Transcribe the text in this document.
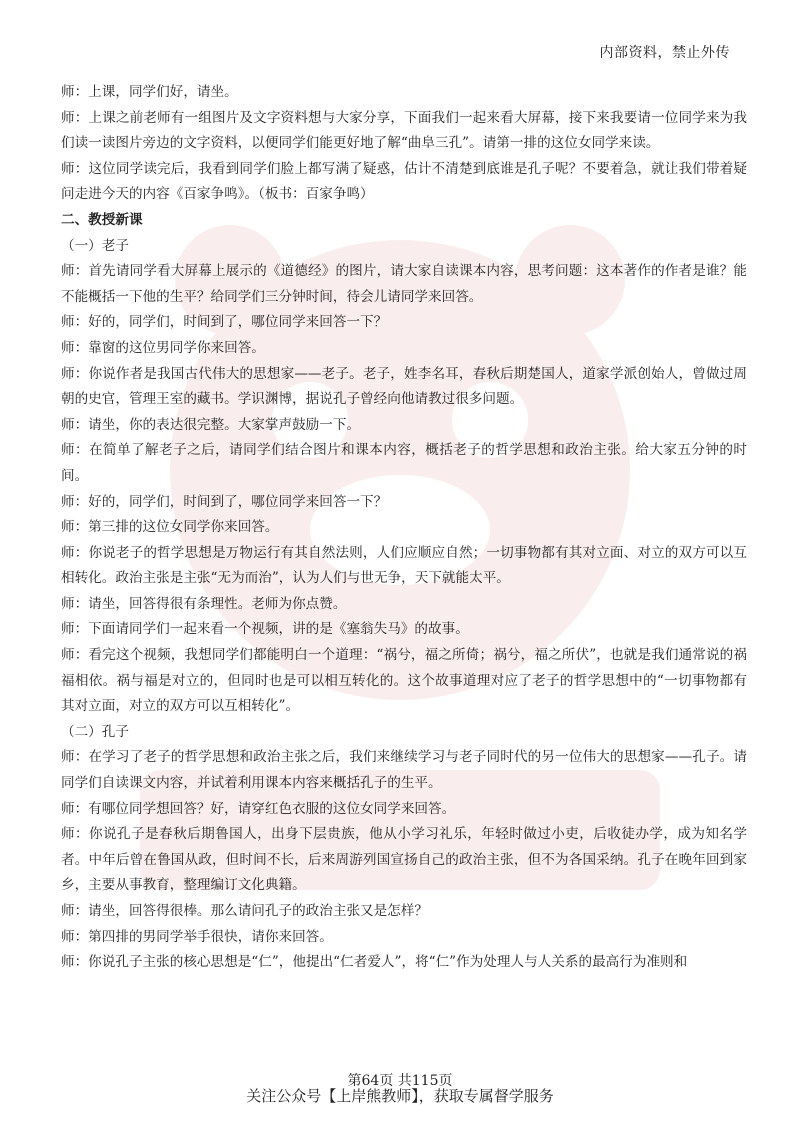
内部资料，禁止外传

师：上课，同学们好，请坐。

师：上课之前老师有一组图片及文字资料想与大家分享，下面我们一起来看大屏幕，接下来我要请一位同学来为我们读一读图片旁边的文字资料，以便同学们能更好地了解“曲阜三孔”。请第一排的这位女同学来读。

师：这位同学读完后，我看到同学们脸上都写满了疑惑，估计不清楚到底谁是孔子呢？不要着急，就让我们带着疑问走进今天的内容《百家争鸣》。（板书：百家争鸣）

二、教授新课

（一）老子

师：首先请同学看大屏幕上展示的《道德经》的图片，请大家自读课本内容，思考问题：这本著作的作者是谁？能不能概括一下他的生平？给同学们三分钟时间，待会儿请同学来回答。

师：好的，同学们，时间到了，哪位同学来回答一下？

师：靠窗的这位男同学你来回答。

师：你说作者是我国古代伟大的思想家——老子。老子，姓李名耳，春秋后期楚国人，道家学派创始人，曾做过周朝的史官，管理王室的藏书。学识渊博，据说孔子曾经向他请教过很多问题。

师：请坐，你的表达很完整。大家掌声鼓励一下。

师：在简单了解老子之后，请同学们结合图片和课本内容，概括老子的哲学思想和政治主张。给大家五分钟的时间。

师：好的，同学们，时间到了，哪位同学来回答一下？

师：第三排的这位女同学你来回答。

师：你说老子的哲学思想是万物运行有其自然法则，人们应顺应自然；一切事物都有其对立面、对立的双方可以互相转化。政治主张是主张“无为而治”，认为人们与世无争，天下就能太平。

师：请坐，回答得很有条理性。老师为你点赞。

师：下面请同学们一起来看一个视频，讲的是《塞翁失马》的故事。

师：看完这个视频，我想同学们都能明白一个道理：“祸兮，福之所倚；祸兮，福之所伏”，也就是我们通常说的祸福相依。祸与福是对立的，但同时也是可以相互转化的。这个故事道理对应了老子的哲学思想中的“一切事物都有其对立面，对立的双方可以互相转化”。

（二）孔子

师：在学习了老子的哲学思想和政治主张之后，我们来继续学习与老子同时代的另一位伟大的思想家——孔子。请同学们自读课文内容，并试着利用课本内容来概括孔子的生平。

师：有哪位同学想回答？好，请穿红色衣服的这位女同学来回答。

师：你说孔子是春秋后期鲁国人，出身下层贵族，他从小学习礼乐，年轻时做过小吏，后收徒办学，成为知名学者。中年后曾在鲁国从政，但时间不长，后来周游列国宣扬自己的政治主张，但不为各国采纳。孔子在晚年回到家乡，主要从事教育，整理编订文化典籍。

师：请坐，回答得很棒。那么请问孔子的政治主张又是怎样？

师：第四排的男同学举手很快，请你来回答。

师：你说孔子主张的核心思想是“仁”，他提出“仁者爱人”，将“仁”作为处理人与人关系的最高行为准则和

第64页 共115页
关注公众号【上岸熊教师】，获取专属督学服务
